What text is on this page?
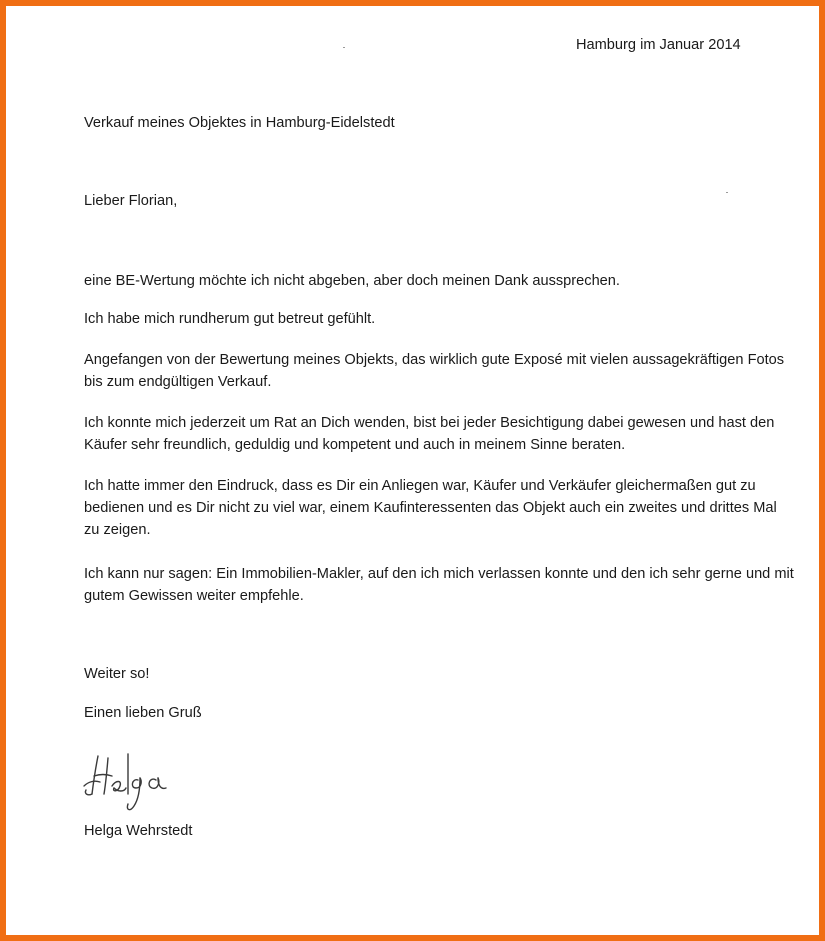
Hamburg im Januar 2014

Verkauf meines Objektes in Hamburg-Eidelstedt

Lieber Florian,

eine BE-Wertung möchte ich nicht abgeben, aber doch meinen Dank aussprechen.

Ich habe mich rundherum gut betreut gefühlt.

Angefangen von der Bewertung meines Objekts, das wirklich gute Exposé mit vielen aussagekräftigen Fotos bis zum endgültigen Verkauf.

Ich konnte mich jederzeit um Rat an Dich wenden, bist bei jeder Besichtigung dabei gewesen und hast den Käufer sehr freundlich, geduldig und kompetent und auch in meinem Sinne beraten.

Ich hatte immer den Eindruck, dass es Dir ein Anliegen war, Käufer und Verkäufer gleichermaßen gut zu bedienen und es Dir nicht zu viel war, einem Kaufinteressenten das Objekt auch ein zweites und drittes Mal zu zeigen.

Ich kann nur sagen: Ein Immobilien-Makler, auf den ich mich verlassen konnte und den ich sehr gerne und mit gutem Gewissen weiter empfehle.

Weiter so!

Einen lieben Gruß

Helga Wehrstedt
